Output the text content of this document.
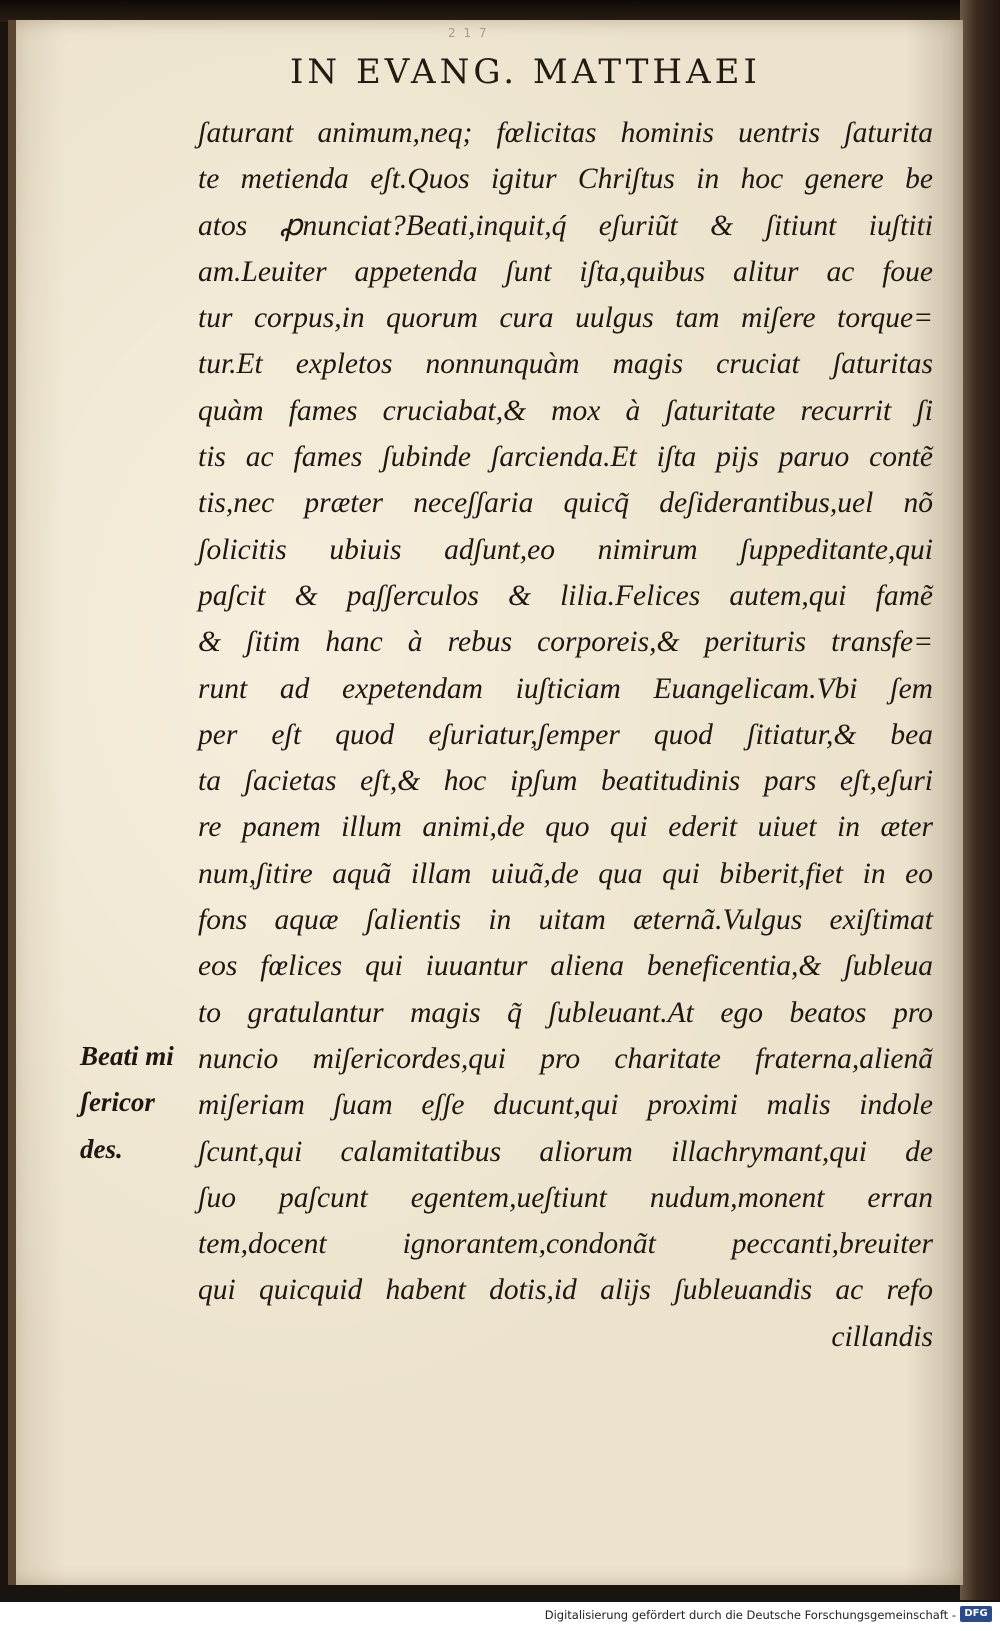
2 1 7
IN EVANG. MATTHAEI
ʃaturant animum,neq; fœlicitas hominis uentris ʃaturita
te metienda eʃt.Quos igitur Chriʃtus in hoc genere be
atos ꝓnunciat?Beati,inquit,q́ eʃuriũt & ʃitiunt iuʃtiti
am.Leuiter appetenda ʃunt iʃta,quibus alitur ac foue
tur corpus,in quorum cura uulgus tam miʃere torque=
tur.Et expletos nonnunquàm magis cruciat ʃaturitas
quàm fames cruciabat,& mox à ʃaturitate recurrit ʃi
tis ac fames ʃubinde ʃarcienda.Et iʃta pijs paruo contẽ
tis,nec præter neceʃʃaria quicq̃ deʃiderantibus,uel nõ
ʃolicitis ubiuis adʃunt,eo nimirum ʃuppeditante,qui
paʃcit & paʃʃerculos & lilia.Felices autem,qui famẽ
& ʃitim hanc à rebus corporeis,& perituris transfe=
runt ad expetendam iuʃticiam Euangelicam.Vbi ʃem
per eʃt quod eʃuriatur,ʃemper quod ʃitiatur,& bea
ta ʃacietas eʃt,& hoc ipʃum beatitudinis pars eʃt,eʃuri
re panem illum animi,de quo qui ederit uiuet in æter
num,ʃitire aquã illam uiuã,de qua qui biberit,fiet in eo
fons aquæ ʃalientis in uitam æternã.Vulgus exiʃtimat
eos fœlices qui iuuantur aliena beneficentia,& ʃubleua
to gratulantur magis q̃ ʃubleuant.At ego beatos pro
nuncio miʃericordes,qui pro charitate fraterna,alienã
miʃeriam ʃuam eʃʃe ducunt,qui proximi malis indole
ʃcunt,qui calamitatibus aliorum illachrymant,qui de
ʃuo paʃcunt egentem,ueʃtiunt nudum,monent erran
tem,docent ignorantem,condonãt peccanti,breuiter
qui quicquid habent dotis,id alijs ʃubleuandis ac refo
cillandis
Beati mi
ʃericor
des.
Digitalisierung gefördert durch die Deutsche Forschungsgemeinschaft - DFG
